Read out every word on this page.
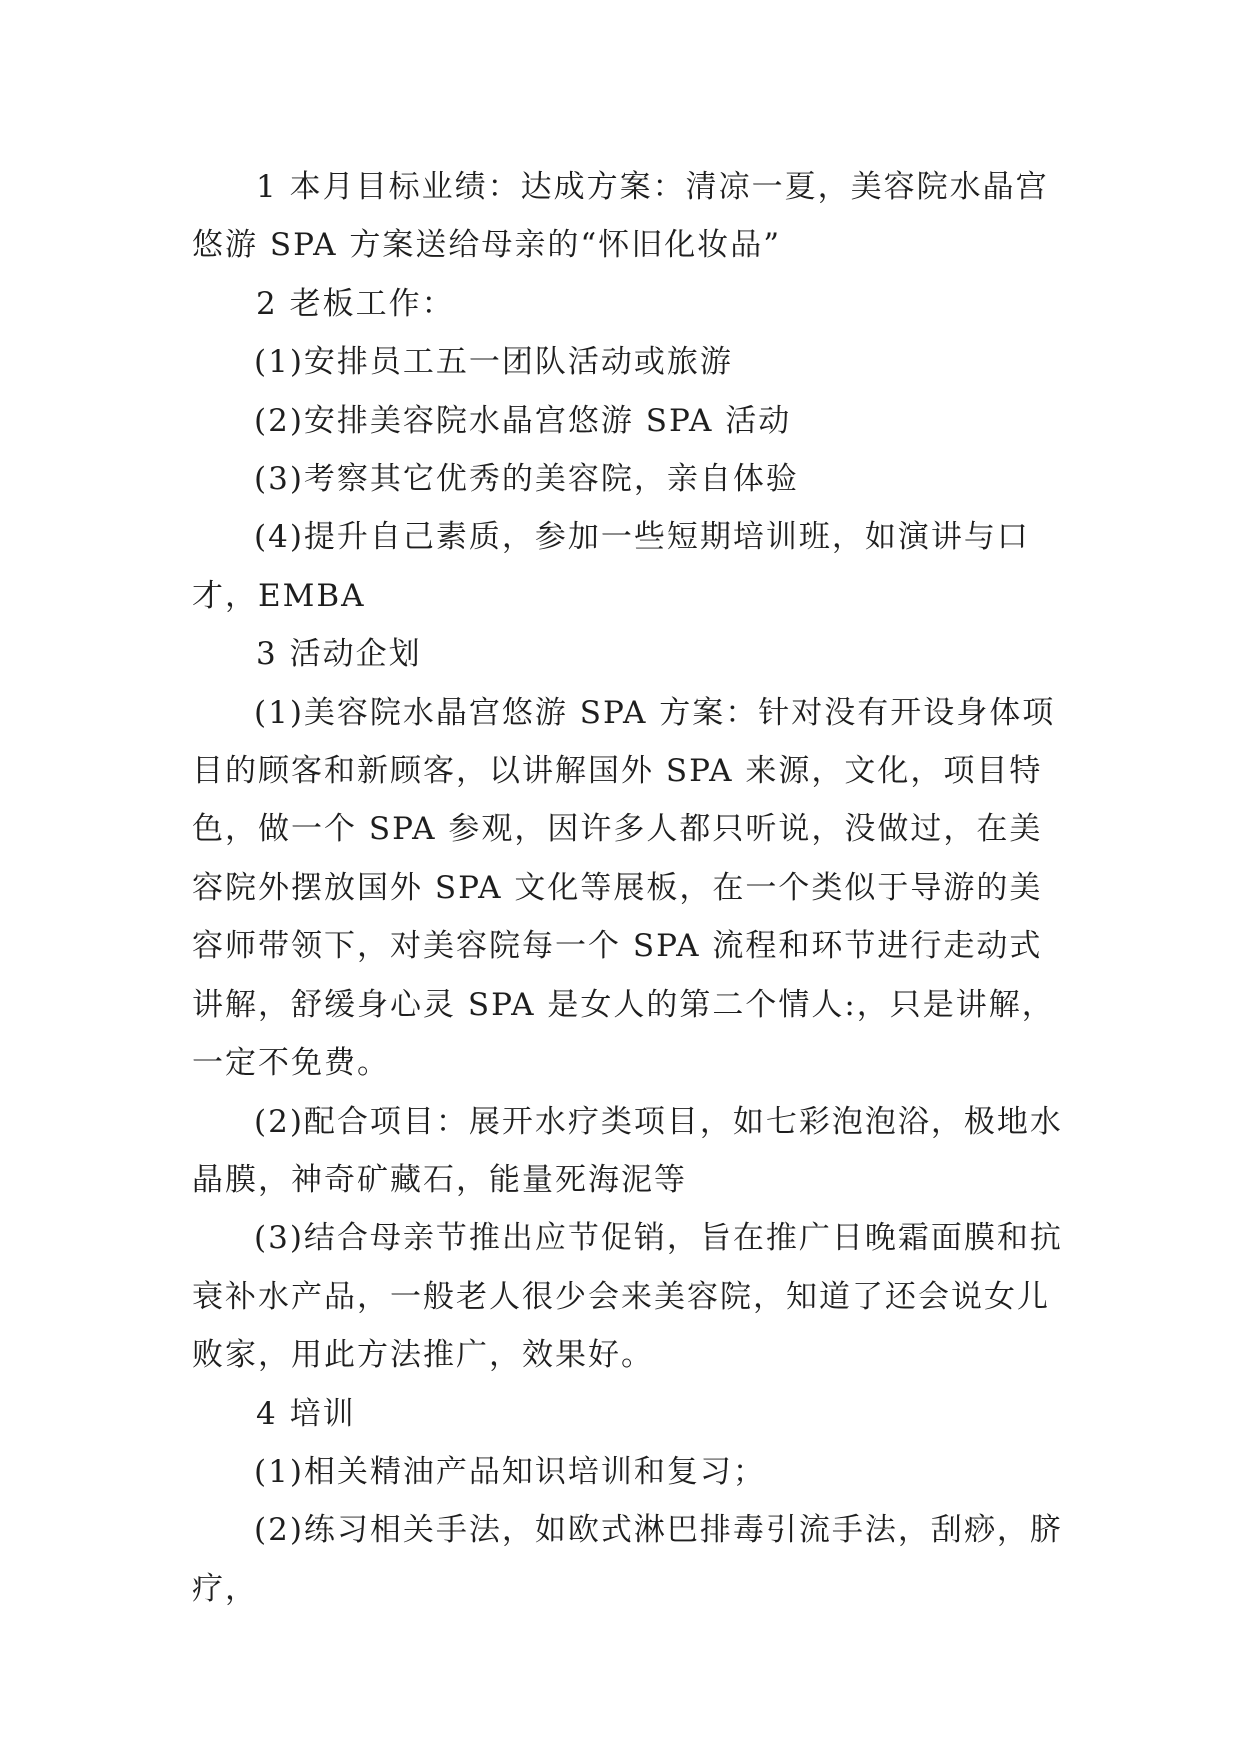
1 本月目标业绩：达成方案：清凉一夏，美容院水晶宫悠游 SPA 方案送给母亲的“怀旧化妆品”

2 老板工作：

(1)安排员工五一团队活动或旅游

(2)安排美容院水晶宫悠游 SPA 活动

(3)考察其它优秀的美容院，亲自体验

(4)提升自己素质，参加一些短期培训班，如演讲与口才，EMBA

3 活动企划

(1)美容院水晶宫悠游 SPA 方案：针对没有开设身体项目的顾客和新顾客，以讲解国外 SPA 来源，文化，项目特色，做一个 SPA 参观，因许多人都只听说，没做过，在美容院外摆放国外 SPA 文化等展板，在一个类似于导游的美容师带领下，对美容院每一个 SPA 流程和环节进行走动式讲解，舒缓身心灵 SPA 是女人的第二个情人:，只是讲解，一定不免费。

(2)配合项目：展开水疗类项目，如七彩泡泡浴，极地水晶膜，神奇矿藏石，能量死海泥等

(3)结合母亲节推出应节促销，旨在推广日晚霜面膜和抗衰补水产品，一般老人很少会来美容院，知道了还会说女儿败家，用此方法推广，效果好。

4 培训

(1)相关精油产品知识培训和复习；

(2)练习相关手法，如欧式淋巴排毒引流手法，刮痧，脐疗，
